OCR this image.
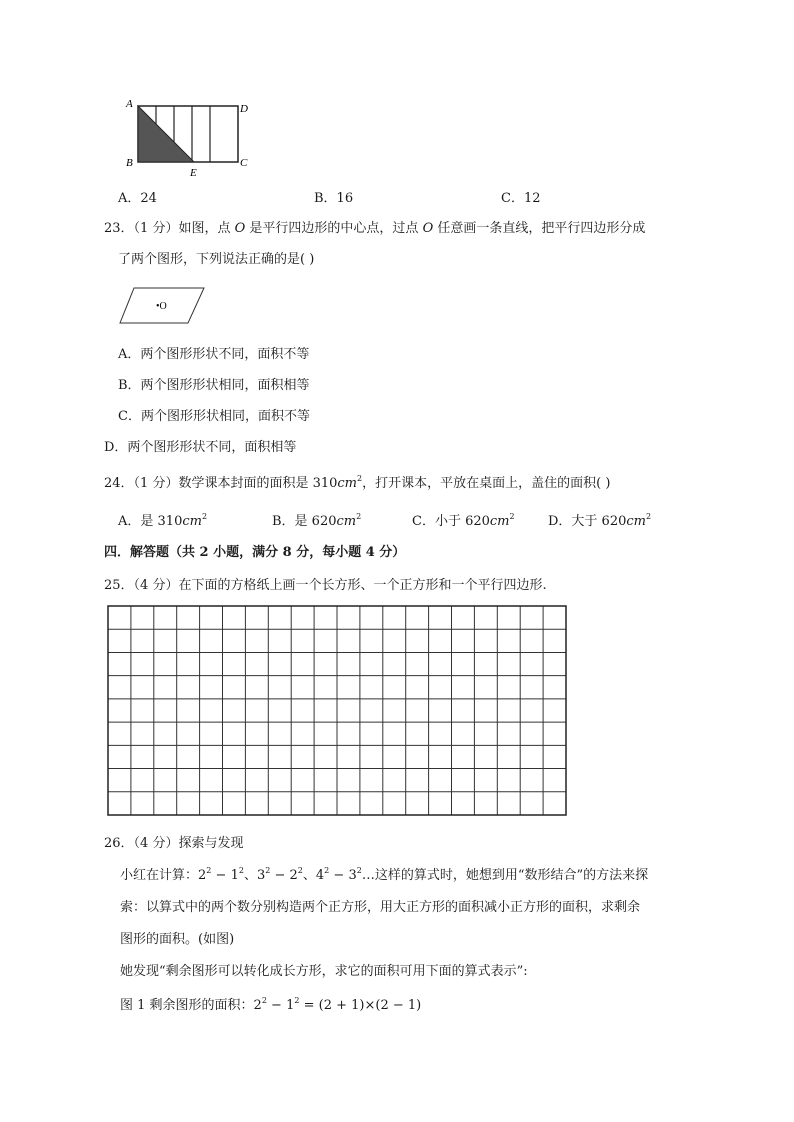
A
B
D
C
E
A．24	B．16	C．12
23．（1 分）如图，点 O 是平行四边形的中心点，过点 O 任意画一条直线，把平行四边形分成
了两个图形，下列说法正确的是( )
•O
A．两个图形形状不同，面积不等
B．两个图形形状相同，面积相等
C．两个图形形状相同，面积不等
D．两个图形形状不同，面积相等
24．（1 分）数学课本封面的面积是 $310cm^2$，打开课本，平放在桌面上，盖住的面积( )
A．是 $310cm^2$	B．是 $620cm^2$	C．小于 $620cm^2$	D．大于 $620cm^2$
四．解答题（共 2 小题，满分 8 分，每小题 4 分）
25．（4 分）在下面的方格纸上画一个长方形、一个正方形和一个平行四边形.
26．（4 分）探索与发现
小红在计算：$2^2 - 1^2$、$3^2 - 2^2$、$4^2$ − $3^2\dots$这样的算式时，她想到用“数形结合”的方法来探
索：以算式中的两个数分别构造两个正方形，用大正方形的面积减小正方形的面积，求剩余
图形的面积。(如图)
她发现“剩余图形可以转化成长方形，求它的面积可用下面的算式表示”:
图 1 剩余图形的面积：$2^2 - 1^2 = (2 + 1)\times(2 - 1)$
